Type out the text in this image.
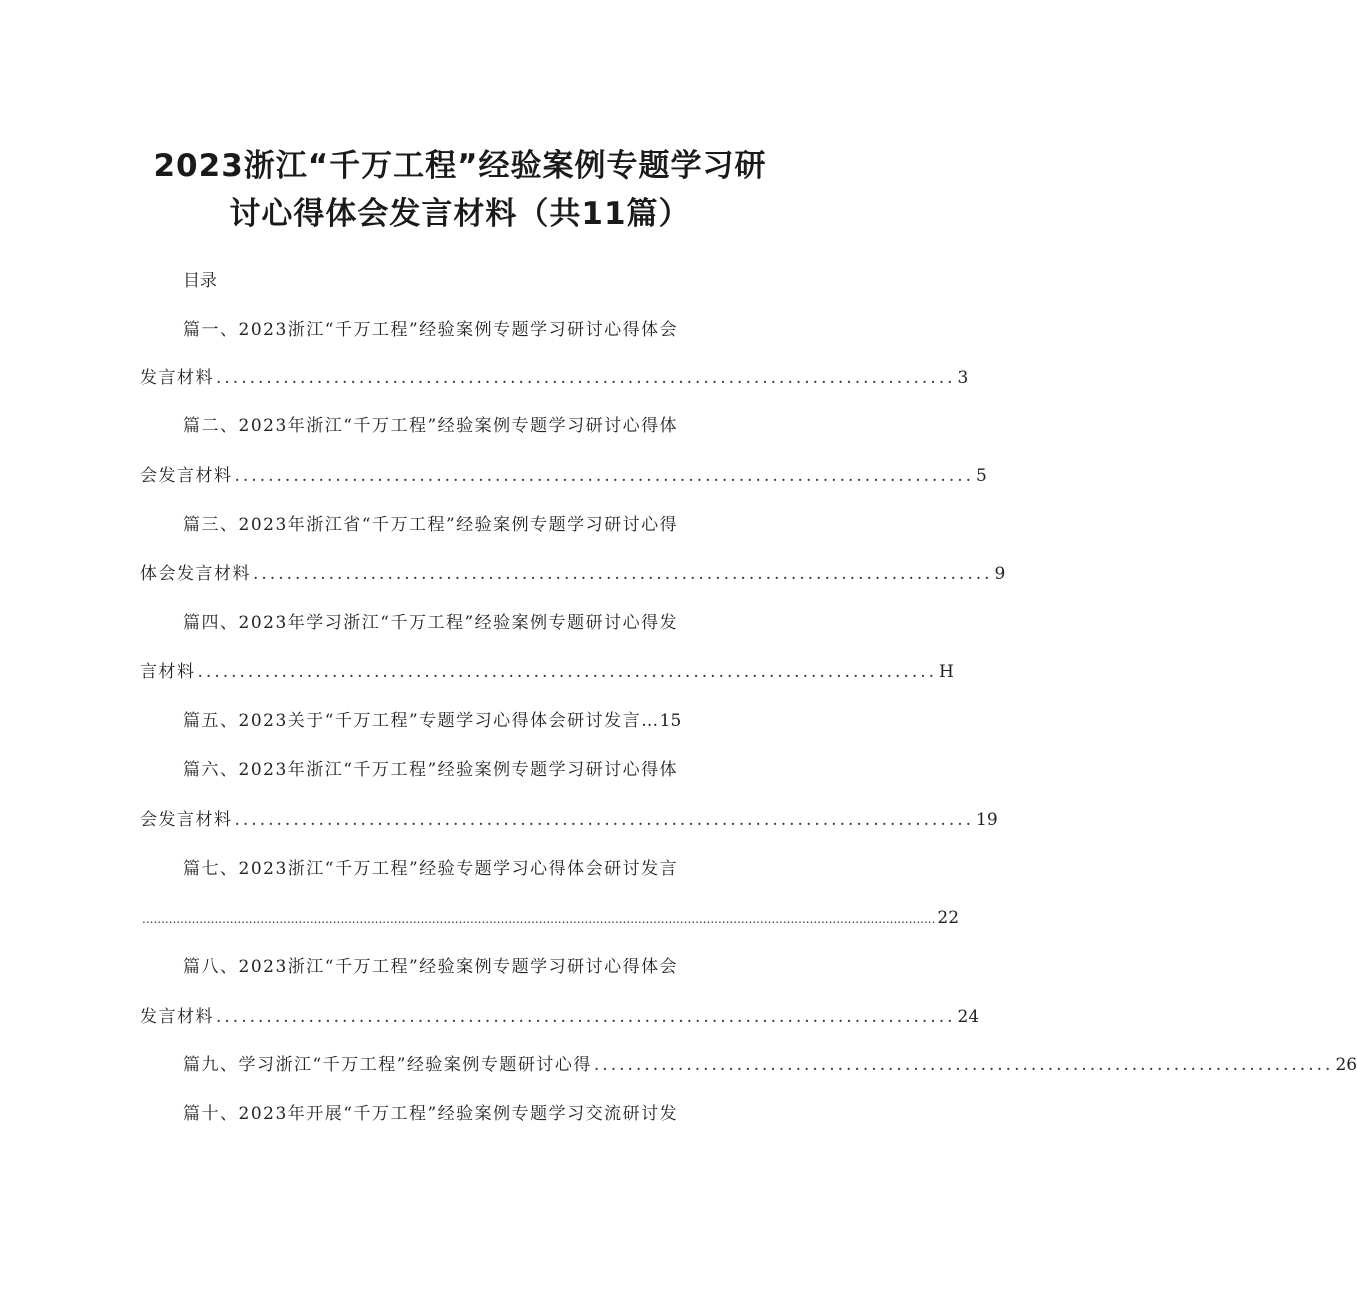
2023浙江“千万工程”经验案例专题学习研
讨心得体会发言材料（共11篇）
目录
篇一、2023浙江“千万工程”经验案例专题学习研讨心得体会
发言材料 ........................................................................................ 3
篇二、2023年浙江“千万工程”经验案例专题学习研讨心得体
会发言材料 ........................................................................................ 5
篇三、2023年浙江省“千万工程”经验案例专题学习研讨心得
体会发言材料 ........................................................................................ 9
篇四、2023年学习浙江“千万工程”经验案例专题研讨心得发
言材料 ........................................................................................ H
篇五、2023关于“千万工程”专题学习心得体会研讨发言… 15
篇六、2023年浙江“千万工程”经验案例专题学习研讨心得体
会发言材料 ........................................................................................ 19
篇七、2023浙江“千万工程”经验专题学习心得体会研讨发言
................................................................................................................................................................................................................ 22
篇八、2023浙江“千万工程”经验案例专题学习研讨心得体会
发言材料 ........................................................................................ 24
篇九、学习浙江“千万工程”经验案例专题研讨心得 ........................................................................................ 26
篇十、2023年开展“千万工程”经验案例专题学习交流研讨发
